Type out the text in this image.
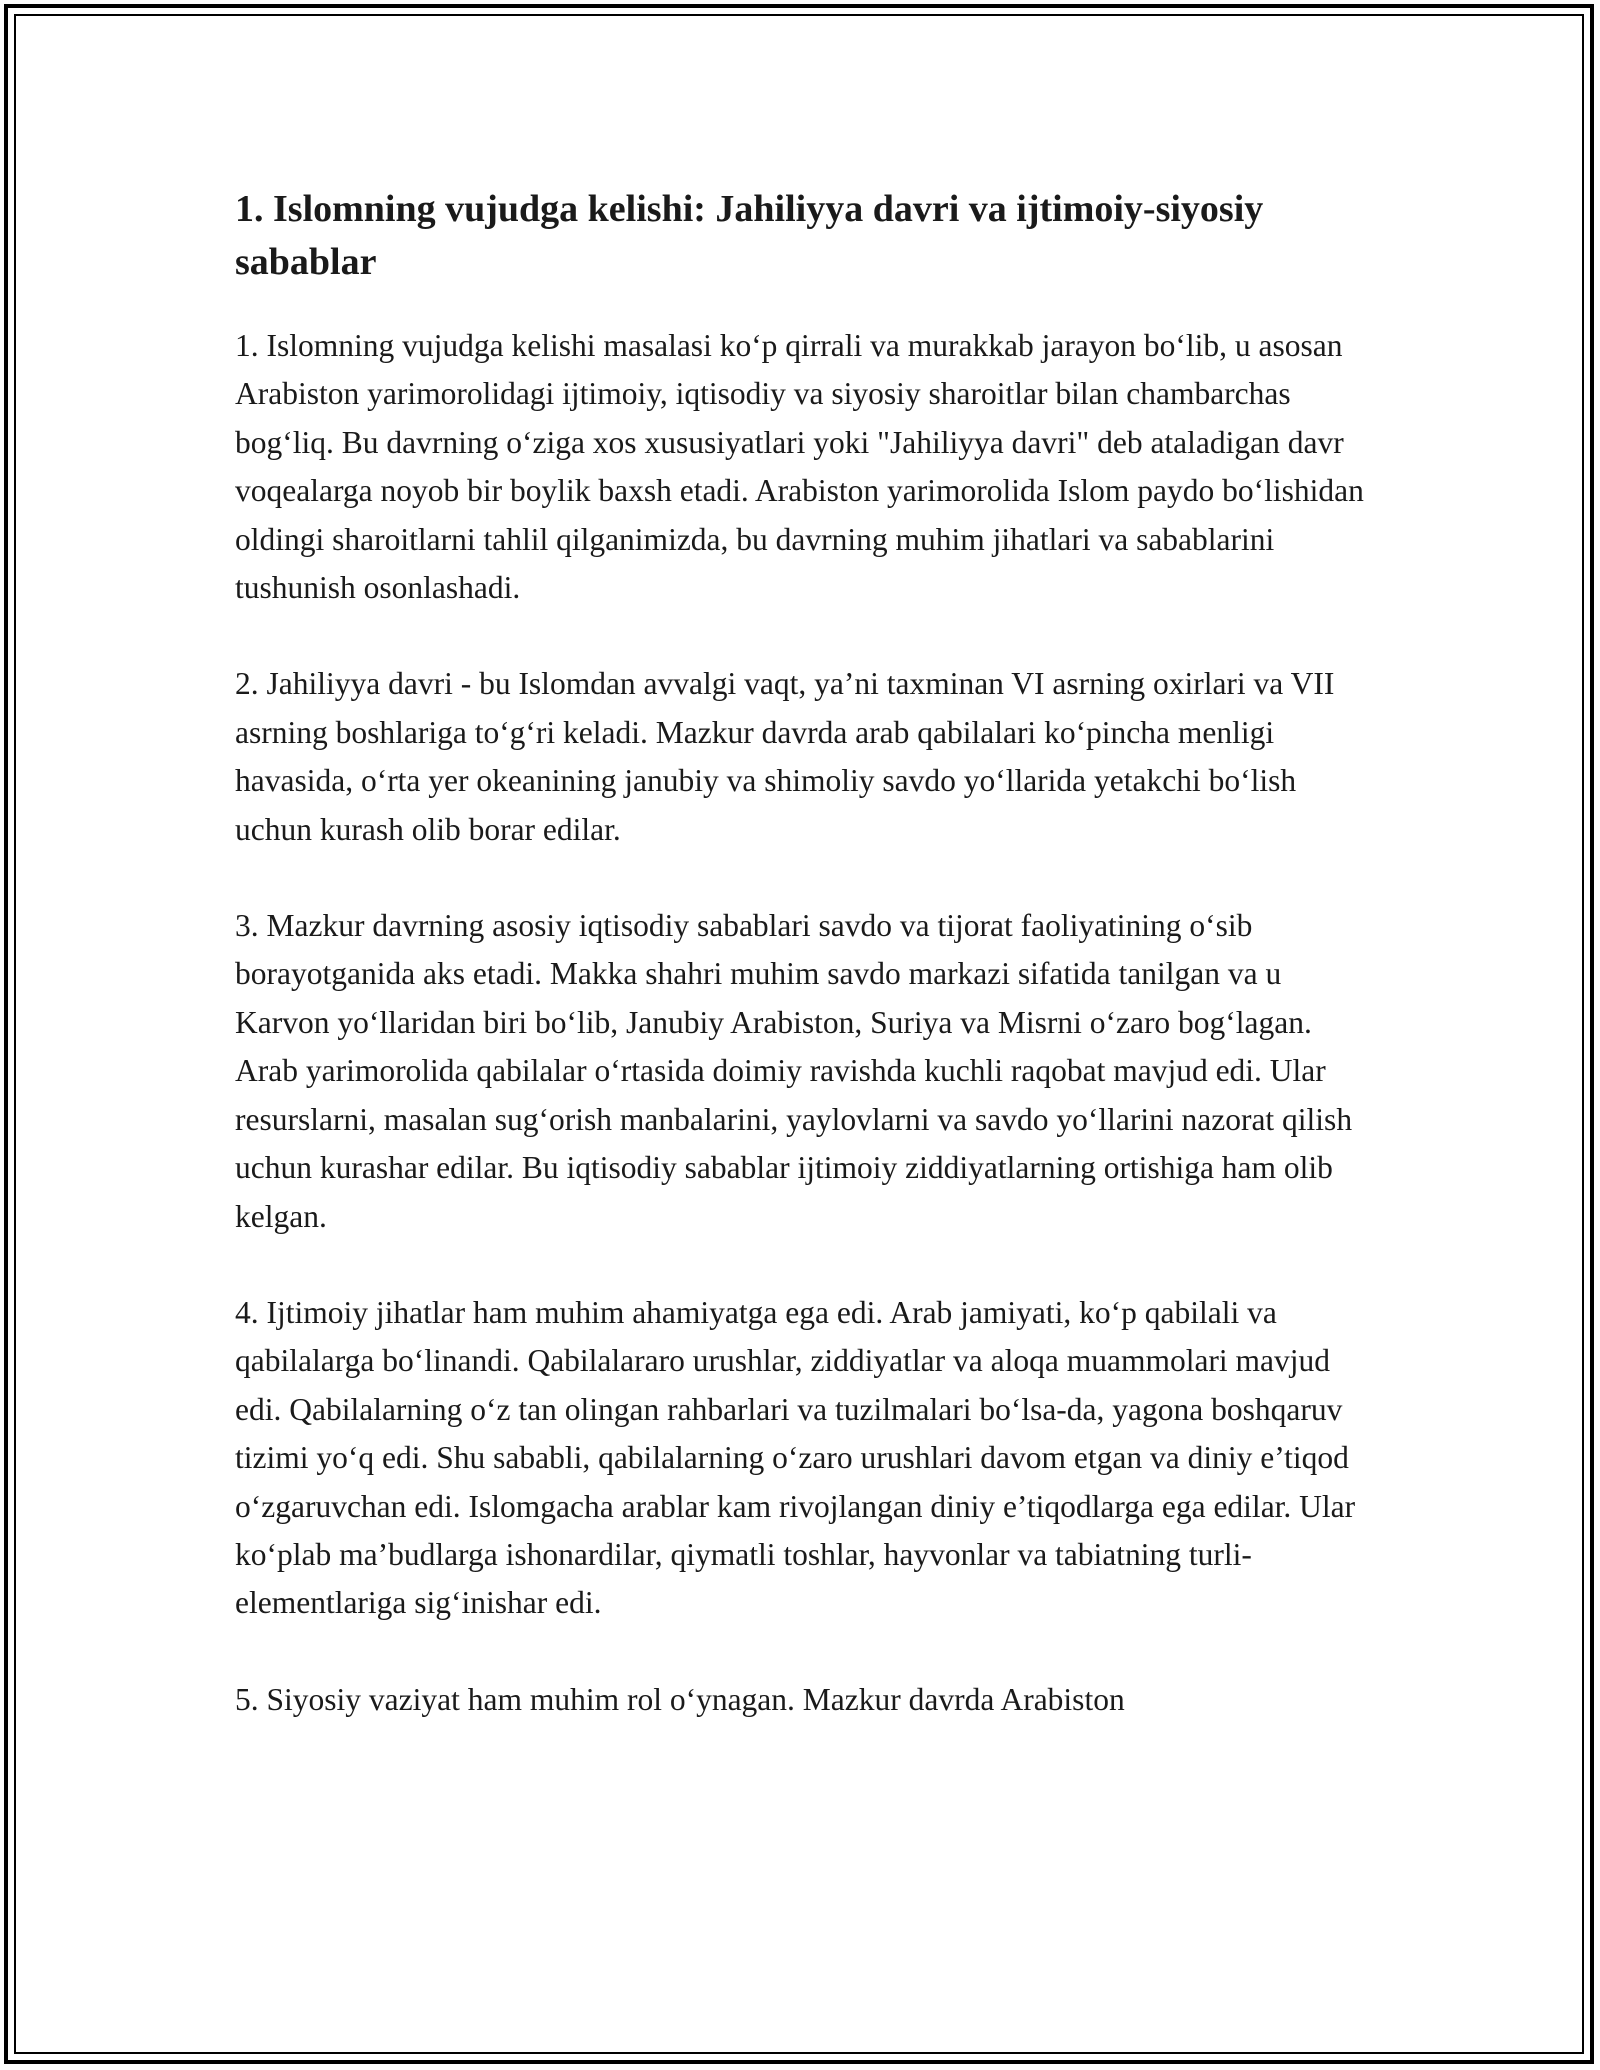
1. Islomning vujudga kelishi: Jahiliyya davri va ijtimoiy-siyosiy sabablar

1. Islomning vujudga kelishi masalasi ko‘p qirrali va murakkab jarayon bo‘lib, u asosan Arabiston yarimorolidagi ijtimoiy, iqtisodiy va siyosiy sharoitlar bilan chambarchas bog‘liq. Bu davrning o‘ziga xos xususiyatlari yoki "Jahiliyya davri" deb ataladigan davr voqealarga noyob bir boylik baxsh etadi. Arabiston yarimorolida Islom paydo bo‘lishidan oldingi sharoitlarni tahlil qilganimizda, bu davrning muhim jihatlari va sabablarini tushunish osonlashadi.

2. Jahiliyya davri - bu Islomdan avvalgi vaqt, ya’ni taxminan VI asrning oxirlari va VII asrning boshlariga to‘g‘ri keladi. Mazkur davrda arab qabilalari ko‘pincha menligi havasida, o‘rta yer okeanining janubiy va shimoliy savdo yo‘llarida yetakchi bo‘lish uchun kurash olib borar edilar.

3. Mazkur davrning asosiy iqtisodiy sabablari savdo va tijorat faoliyatining o‘sib borayotganida aks etadi. Makka shahri muhim savdo markazi sifatida tanilgan va u Karvon yo‘llaridan biri bo‘lib, Janubiy Arabiston, Suriya va Misrni o‘zaro bog‘lagan. Arab yarimorolida qabilalar o‘rtasida doimiy ravishda kuchli raqobat mavjud edi. Ular resurslarni, masalan sug‘orish manbalarini, yaylovlarni va savdo yo‘llarini nazorat qilish uchun kurashar edilar. Bu iqtisodiy sabablar ijtimoiy ziddiyatlarning ortishiga ham olib kelgan.

4. Ijtimoiy jihatlar ham muhim ahamiyatga ega edi. Arab jamiyati, ko‘p qabilali va qabilalarga bo‘linandi. Qabilalararo urushlar, ziddiyatlar va aloqa muammolari mavjud edi. Qabilalarning o‘z tan olingan rahbarlari va tuzilmalari bo‘lsa-da, yagona boshqaruv tizimi yo‘q edi. Shu sababli, qabilalarning o‘zaro urushlari davom etgan va diniy e’tiqod o‘zgaruvchan edi. Islomgacha arablar kam rivojlangan diniy e’tiqodlarga ega edilar. Ular ko‘plab ma’budlarga ishonardilar, qiymatli toshlar, hayvonlar va tabiatning turli-elementlariga sig‘inishar edi.

5. Siyosiy vaziyat ham muhim rol o‘ynagan. Mazkur davrda Arabiston
